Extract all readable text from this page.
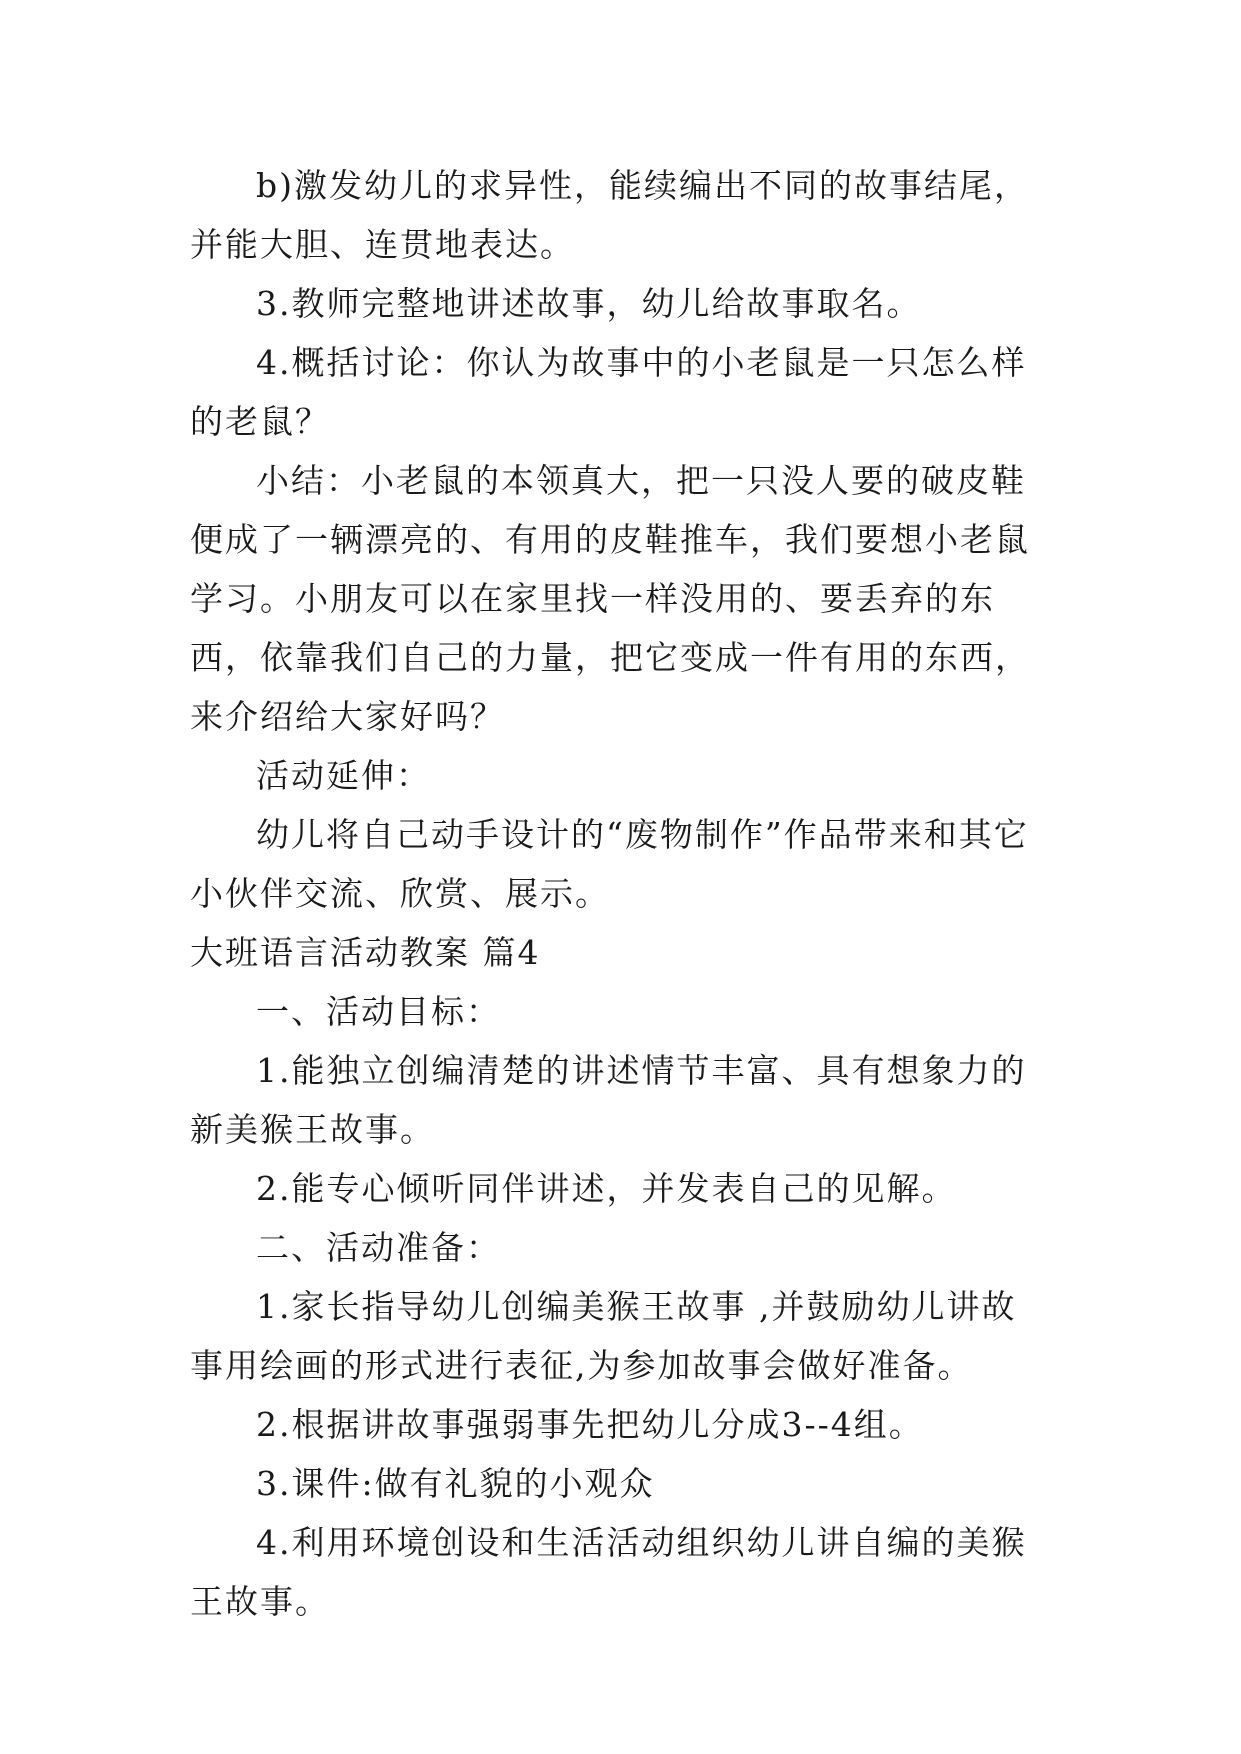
b)激发幼儿的求异性，能续编出不同的故事结尾，并能大胆、连贯地表达。

3.教师完整地讲述故事，幼儿给故事取名。

4.概括讨论：你认为故事中的小老鼠是一只怎么样的老鼠？

小结：小老鼠的本领真大，把一只没人要的破皮鞋便成了一辆漂亮的、有用的皮鞋推车，我们要想小老鼠学习。小朋友可以在家里找一样没用的、要丢弃的东西，依靠我们自己的力量，把它变成一件有用的东西，来介绍给大家好吗？

活动延伸：

幼儿将自己动手设计的“废物制作”作品带来和其它小伙伴交流、欣赏、展示。

大班语言活动教案 篇4

一、活动目标：

1.能独立创编清楚的讲述情节丰富、具有想象力的新美猴王故事。

2.能专心倾听同伴讲述，并发表自己的见解。

二、活动准备：

1.家长指导幼儿创编美猴王故事 ,并鼓励幼儿讲故事用绘画的形式进行表征,为参加故事会做好准备。

2.根据讲故事强弱事先把幼儿分成3--4组。

3.课件:做有礼貌的小观众

4.利用环境创设和生活活动组织幼儿讲自编的美猴王故事。
